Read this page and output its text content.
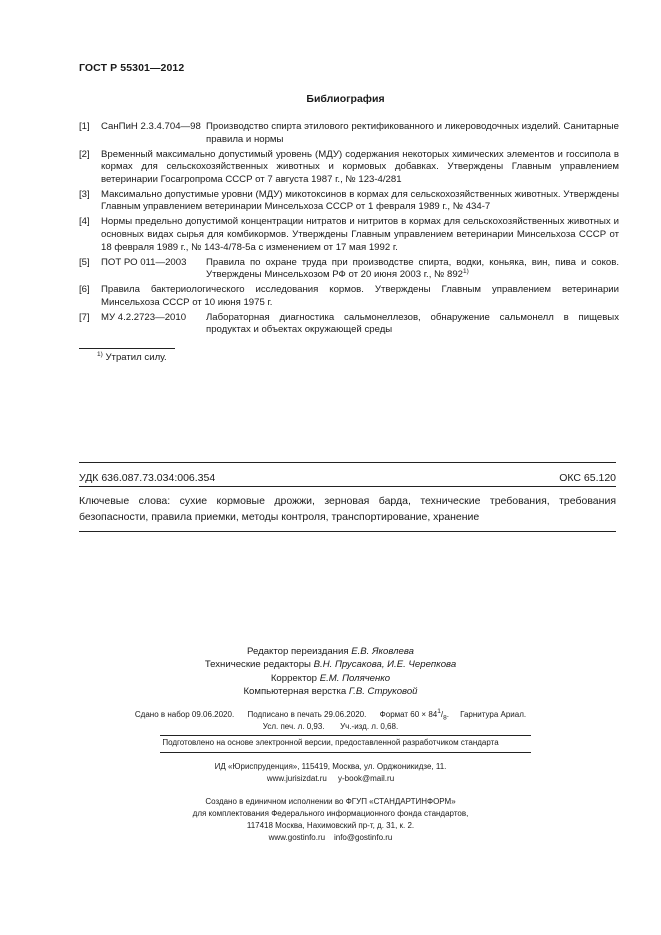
ГОСТ Р 55301—2012
Библиография
[1] СанПиН 2.3.4.704—98 Производство спирта этилового ректификованного и ликероводочных изделий. Санитарные правила и нормы
[2] Временный максимально допустимый уровень (МДУ) содержания некоторых химических элементов и госсипола в кормах для сельскохозяйственных животных и кормовых добавках. Утверждены Главным управлением ветеринарии Госагропрома СССР от 7 августа 1987 г., № 123-4/281
[3] Максимально допустимые уровни (МДУ) микотоксинов в кормах для сельскохозяйственных животных. Утверждены Главным управлением ветеринарии Минсельхоза СССР от 1 февраля 1989 г., № 434-7
[4] Нормы предельно допустимой концентрации нитратов и нитритов в кормах для сельскохозяйственных животных и основных видах сырья для комбикормов. Утверждены Главным управлением ветеринарии Минсельхоза СССР от 18 февраля 1989 г., № 143-4/78-5а с изменением от 17 мая 1992 г.
[5] ПОТ РО 011—2003 Правила по охране труда при производстве спирта, водки, коньяка, вин, пива и соков. Утверждены Минсельхозом РФ от 20 июня 2003 г., № 892$^{1)}$
[6] Правила бактериологического исследования кормов. Утверждены Главным управлением ветеринарии Минсельхоза СССР от 10 июня 1975 г.
[7] МУ 4.2.2723—2010 Лабораторная диагностика сальмонеллезов, обнаружение сальмонелл в пищевых продуктах и объектах окружающей среды
$^{1)}$ Утратил силу.
УДК 636.087.73.034:006.354	ОКС 65.120
Ключевые слова: сухие кормовые дрожжи, зерновая барда, технические требования, требования безопасности, правила приемки, методы контроля, транспортирование, хранение
Редактор переиздания Е.В. Яковлева
Технические редакторы В.Н. Прусакова, И.Е. Черепкова
Корректор Е.М. Поляченко
Компьютерная верстка Г.В. Струковой
Сдано в набор 09.06.2020. Подписано в печать 29.06.2020. Формат $60 \times 84^1/_8$. Гарнитура Ариал.
Усл. печ. л. 0,93. Уч.-изд. л. 0,68.
Подготовлено на основе электронной версии, предоставленной разработчиком стандарта
ИД «Юриспруденция», 115419, Москва, ул. Орджоникидзе, 11.
www.jurisizdat.ru y-book@mail.ru
Создано в единичном исполнении во ФГУП «СТАНДАРТИНФОРМ»
для комплектования Федерального информационного фонда стандартов,
117418 Москва, Нахимовский пр-т, д. 31, к. 2.
www.gostinfo.ru info@gostinfo.ru
